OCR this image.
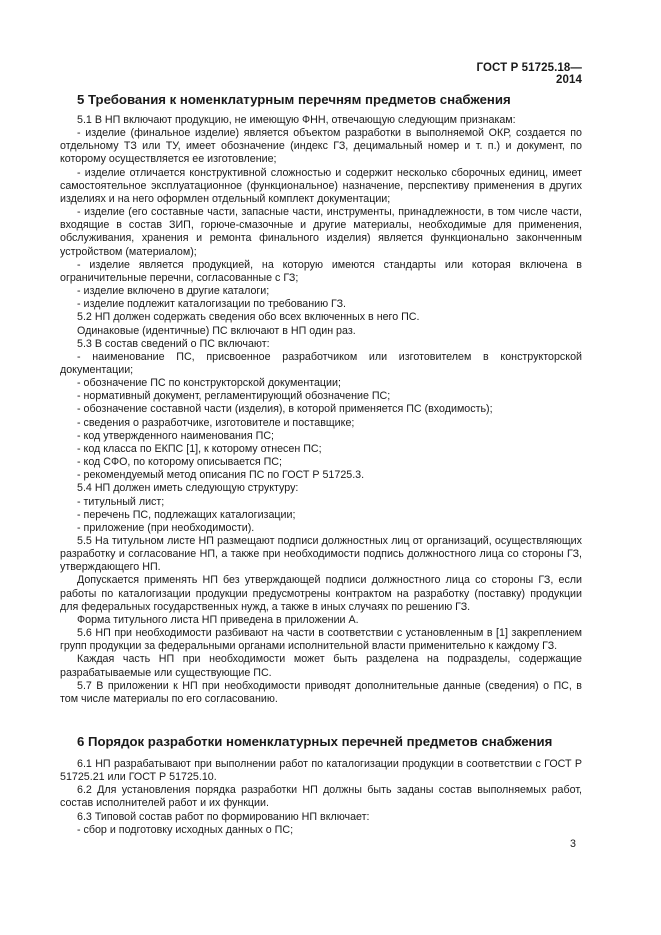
ГОСТ Р 51725.18—2014

5 Требования к номенклатурным перечням предметов снабжения

5.1 В НП включают продукцию, не имеющую ФНН, отвечающую следующим признакам:

- изделие (финальное изделие) является объектом разработки в выполняемой ОКР, создается по отдельному ТЗ или ТУ, имеет обозначение (индекс ГЗ, децимальный номер и т. п.) и документ, по которому осуществляется ее изготовление;

- изделие отличается конструктивной сложностью и содержит несколько сборочных единиц, имеет самостоятельное эксплуатационное (функциональное) назначение, перспективу применения в других изделиях и на него оформлен отдельный комплект документации;

- изделие (его составные части, запасные части, инструменты, принадлежности, в том числе части, входящие в состав ЗИП, горюче-смазочные и другие материалы, необходимые для применения, обслуживания, хранения и ремонта финального изделия) является функционально законченным устройством (материалом);

- изделие является продукцией, на которую имеются стандарты или которая включена в ограничительные перечни, согласованные с ГЗ;

- изделие включено в другие каталоги;

- изделие подлежит каталогизации по требованию ГЗ.

5.2 НП должен содержать сведения обо всех включенных в него ПС.

Одинаковые (идентичные) ПС включают в НП один раз.

5.3 В состав сведений о ПС включают:

- наименование ПС, присвоенное разработчиком или изготовителем в конструкторской документации;

- обозначение ПС по конструкторской документации;

- нормативный документ, регламентирующий обозначение ПС;

- обозначение составной части (изделия), в которой применяется ПС (входимость);

- сведения о разработчике, изготовителе и поставщике;

- код утвержденного наименования ПС;

- код класса по ЕКПС [1], к которому отнесен ПС;

- код СФО, по которому описывается ПС;

- рекомендуемый метод описания ПС по ГОСТ Р 51725.3.

5.4 НП должен иметь следующую структуру:

- титульный лист;

- перечень ПС, подлежащих каталогизации;

- приложение (при необходимости).

5.5 На титульном листе НП размещают подписи должностных лиц от организаций, осуществляющих разработку и согласование НП, а также при необходимости подпись должностного лица со стороны ГЗ, утверждающего НП.

Допускается применять НП без утверждающей подписи должностного лица со стороны ГЗ, если работы по каталогизации продукции предусмотрены контрактом на разработку (поставку) продукции для федеральных государственных нужд, а также в иных случаях по решению ГЗ.

Форма титульного листа НП приведена в приложении А.

5.6 НП при необходимости разбивают на части в соответствии с установленным в [1] закреплением групп продукции за федеральными органами исполнительной власти применительно к каждому ГЗ.

Каждая часть НП при необходимости может быть разделена на подразделы, содержащие разрабатываемые или существующие ПС.

5.7 В приложении к НП при необходимости приводят дополнительные данные (сведения) о ПС, в том числе материалы по его согласованию.

6 Порядок разработки номенклатурных перечней предметов снабжения

6.1 НП разрабатывают при выполнении работ по каталогизации продукции в соответствии с ГОСТ Р 51725.21 или ГОСТ Р 51725.10.

6.2 Для установления порядка разработки НП должны быть заданы состав выполняемых работ, состав исполнителей работ и их функции.

6.3 Типовой состав работ по формированию НП включает:

- сбор и подготовку исходных данных о ПС;

3
